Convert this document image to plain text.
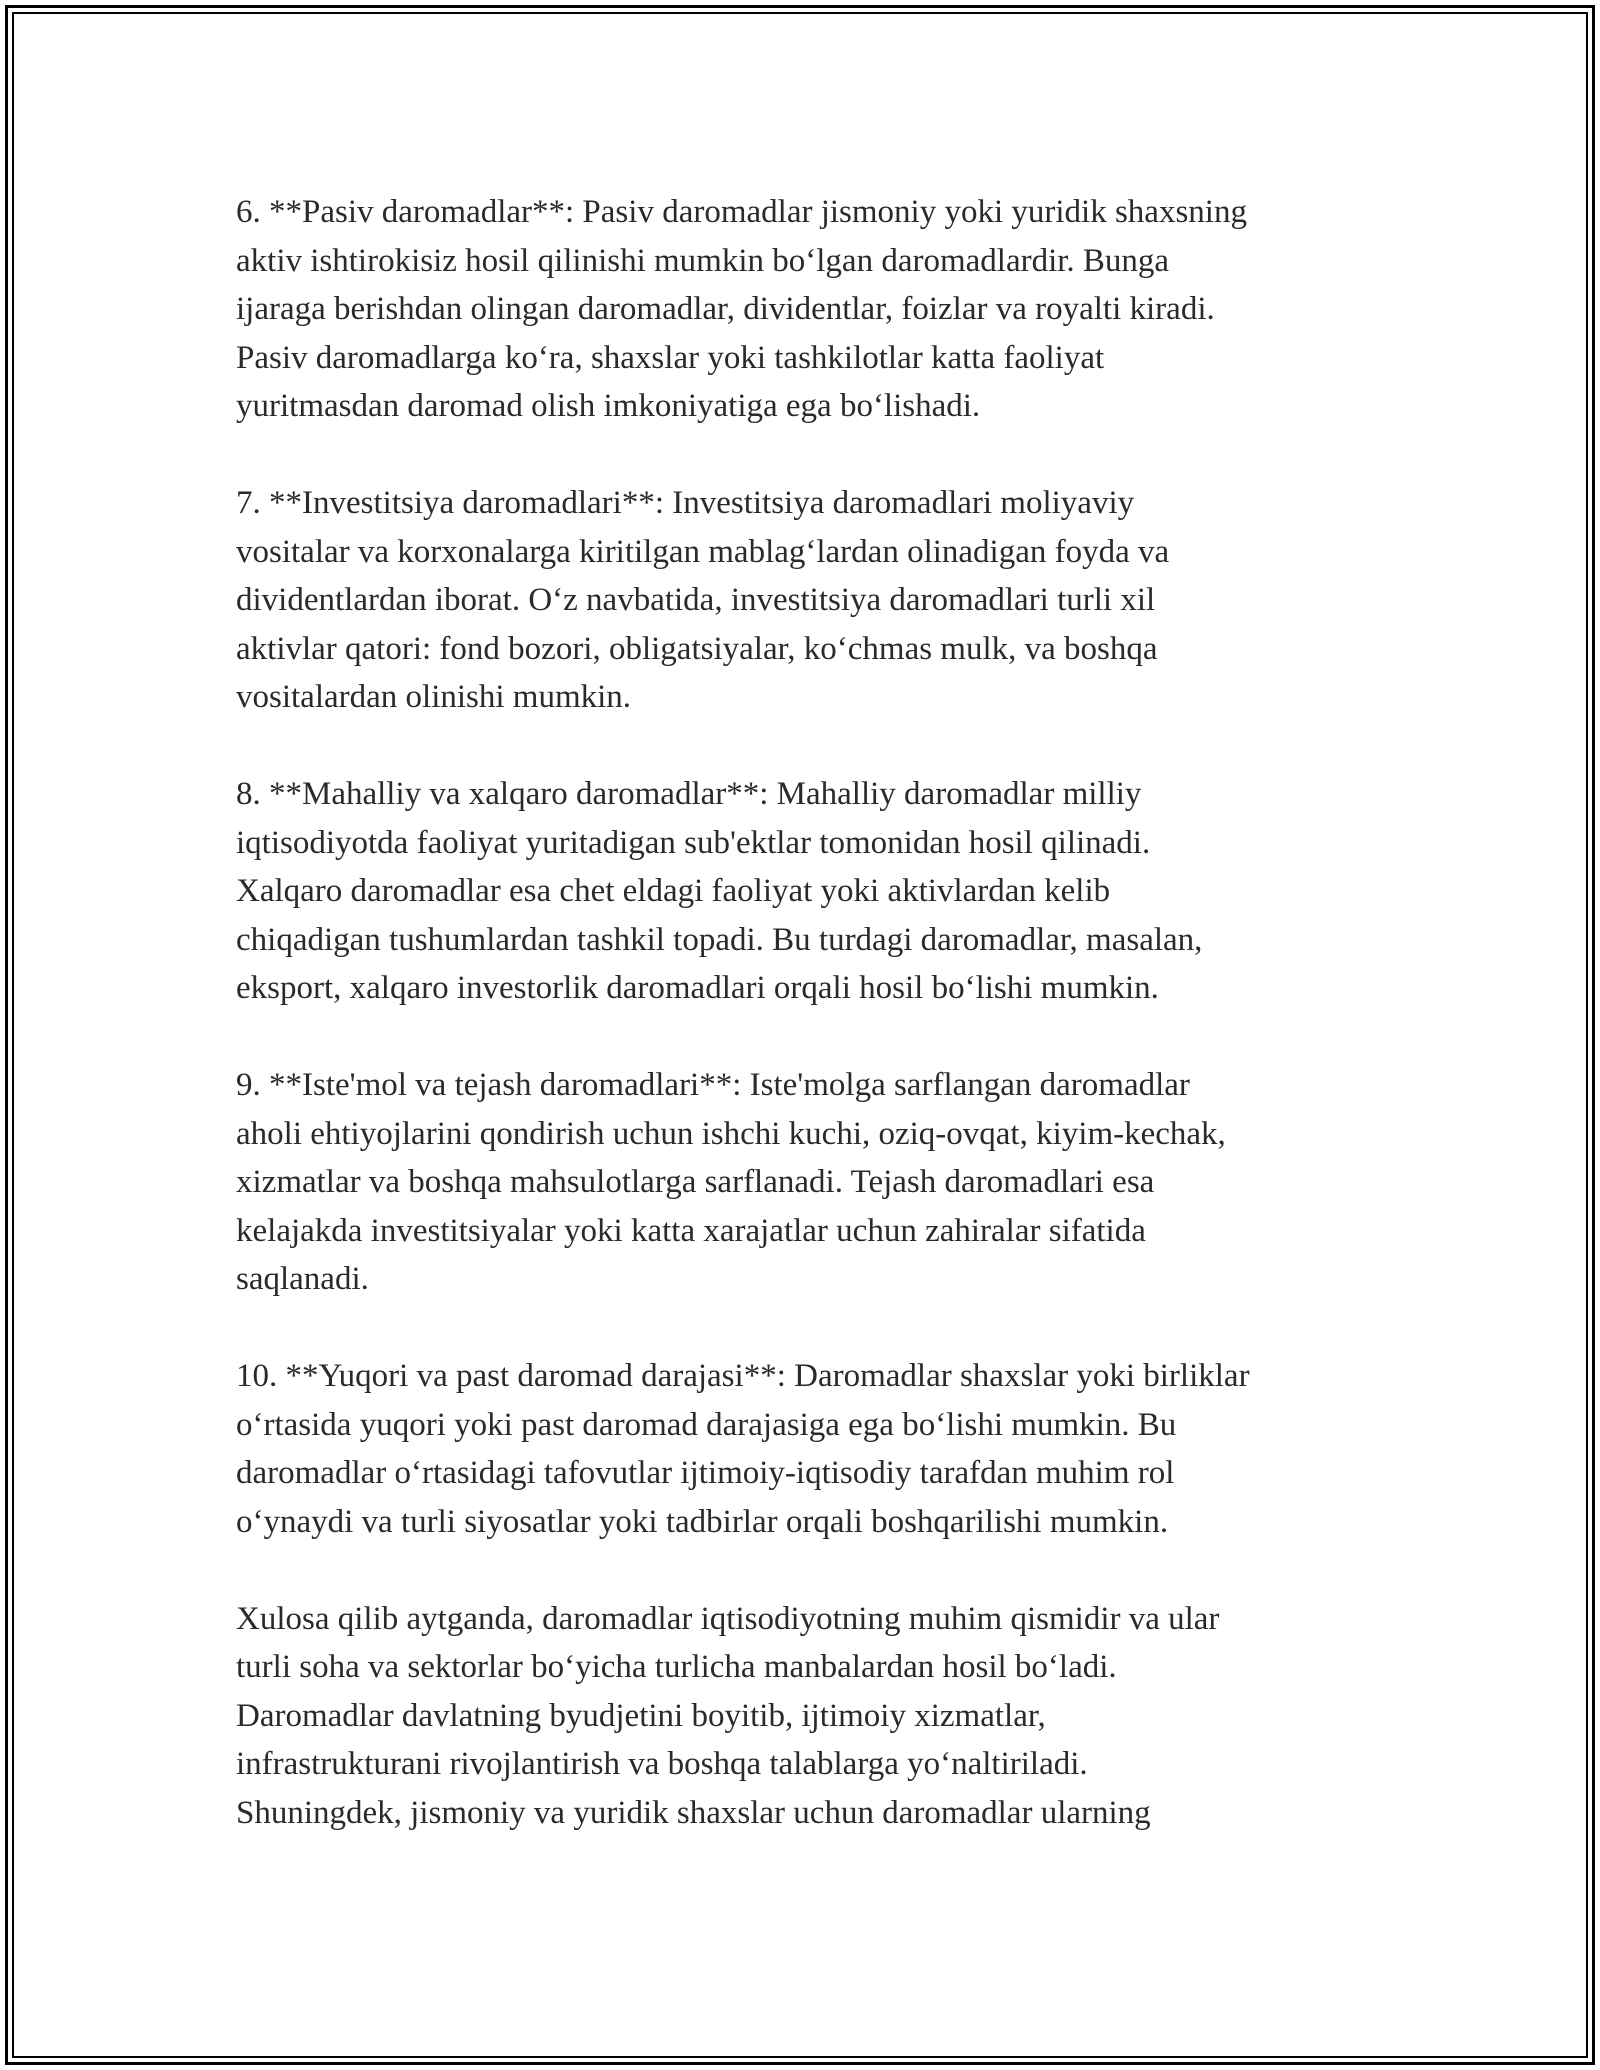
6. **Pasiv daromadlar**: Pasiv daromadlar jismoniy yoki yuridik shaxsning
aktiv ishtirokisiz hosil qilinishi mumkin bo‘lgan daromadlardir. Bunga
ijaraga berishdan olingan daromadlar, dividentlar, foizlar va royalti kiradi.
Pasiv daromadlarga ko‘ra, shaxslar yoki tashkilotlar katta faoliyat
yuritmasdan daromad olish imkoniyatiga ega bo‘lishadi.
7. **Investitsiya daromadlari**: Investitsiya daromadlari moliyaviy
vositalar va korxonalarga kiritilgan mablag‘lardan olinadigan foyda va
dividentlardan iborat. O‘z navbatida, investitsiya daromadlari turli xil
aktivlar qatori: fond bozori, obligatsiyalar, ko‘chmas mulk, va boshqa
vositalardan olinishi mumkin.
8. **Mahalliy va xalqaro daromadlar**: Mahalliy daromadlar milliy
iqtisodiyotda faoliyat yuritadigan sub'ektlar tomonidan hosil qilinadi.
Xalqaro daromadlar esa chet eldagi faoliyat yoki aktivlardan kelib
chiqadigan tushumlardan tashkil topadi. Bu turdagi daromadlar, masalan,
eksport, xalqaro investorlik daromadlari orqali hosil bo‘lishi mumkin.
9. **Iste'mol va tejash daromadlari**: Iste'molga sarflangan daromadlar
aholi ehtiyojlarini qondirish uchun ishchi kuchi, oziq-ovqat, kiyim-kechak,
xizmatlar va boshqa mahsulotlarga sarflanadi. Tejash daromadlari esa
kelajakda investitsiyalar yoki katta xarajatlar uchun zahiralar sifatida
saqlanadi.
10. **Yuqori va past daromad darajasi**: Daromadlar shaxslar yoki birliklar
o‘rtasida yuqori yoki past daromad darajasiga ega bo‘lishi mumkin. Bu
daromadlar o‘rtasidagi tafovutlar ijtimoiy-iqtisodiy tarafdan muhim rol
o‘ynaydi va turli siyosatlar yoki tadbirlar orqali boshqarilishi mumkin.
Xulosa qilib aytganda, daromadlar iqtisodiyotning muhim qismidir va ular
turli soha va sektorlar bo‘yicha turlicha manbalardan hosil bo‘ladi.
Daromadlar davlatning byudjetini boyitib, ijtimoiy xizmatlar,
infrastrukturani rivojlantirish va boshqa talablarga yo‘naltiriladi.
Shuningdek, jismoniy va yuridik shaxslar uchun daromadlar ularning
